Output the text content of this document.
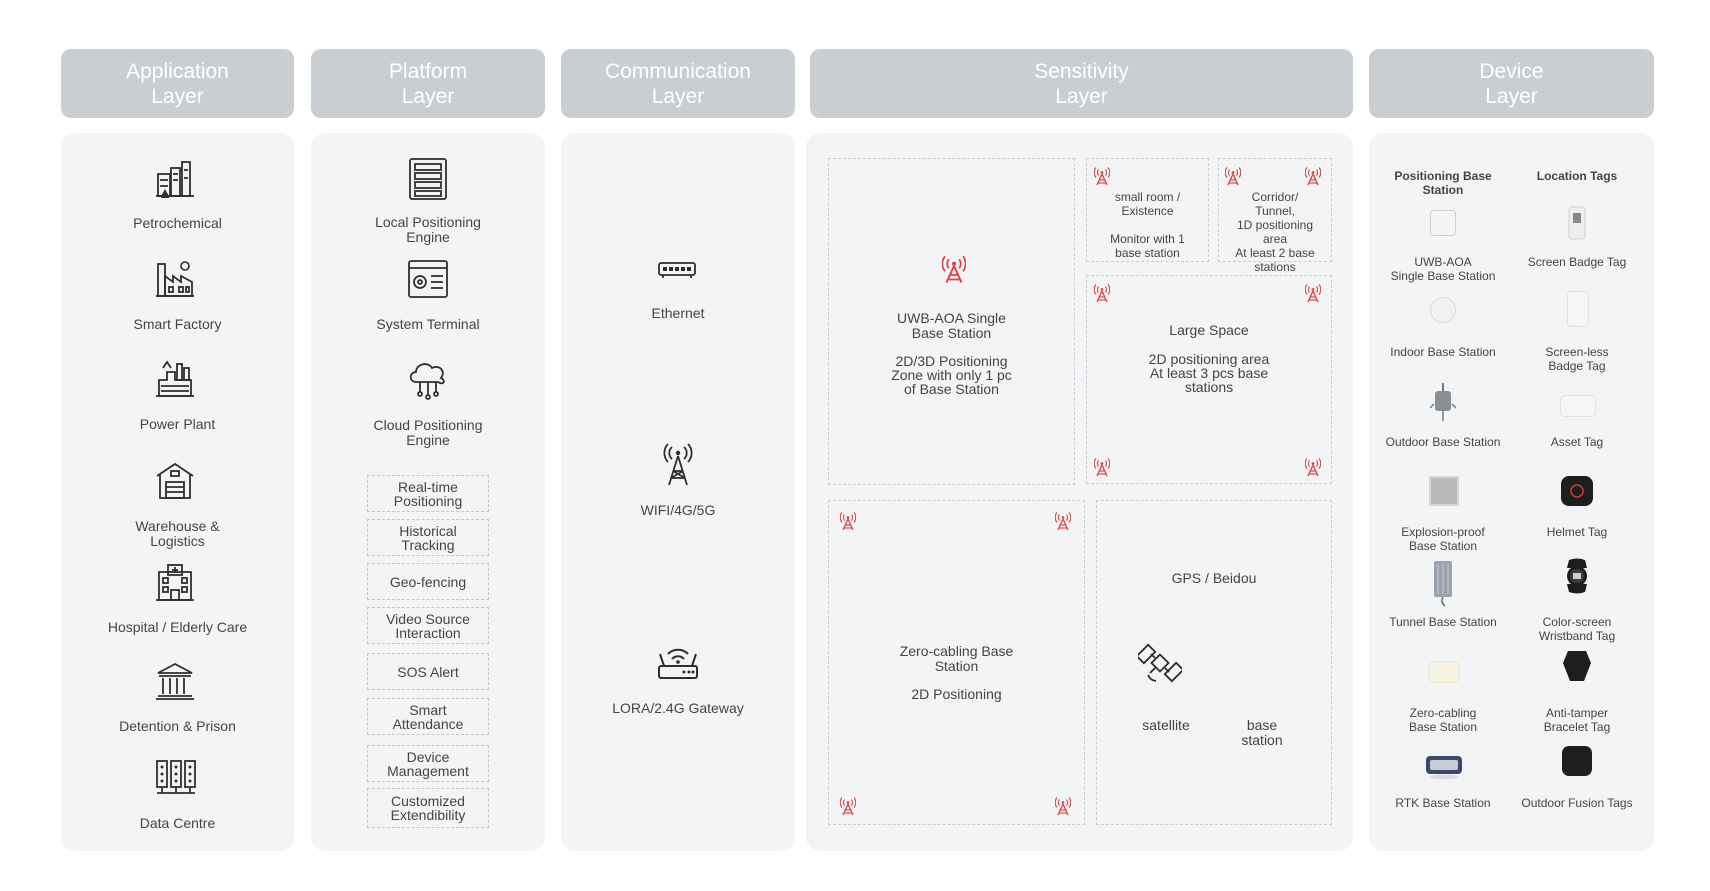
Application
Layer
Platform
Layer
Communication
Layer
Sensitivity
Layer
Device
Layer
Petrochemical
Smart Factory
Power Plant
Warehouse &
Logistics
Hospital / Elderly Care
Detention & Prison
Data Centre
Local Positioning
Engine
System Terminal
Cloud Positioning
Engine
Real-time
Positioning
Historical
Tracking
Geo-fencing
Video Source
Interaction
SOS Alert
Smart
Attendance
Device
Management
Customized
Extendibility
Ethernet
WIFI/4G/5G
LORA/2.4G Gateway
UWB-AOA Single
Base Station
2D/3D Positioning
Zone with only 1 pc
of Base Station
small room /
Existence

Monitor with 1
base station
Corridor/
Tunnel,
1D positioning
area
At least 2 base
stations
Large Space
2D positioning area
At least 3 pcs base
stations
Zero-cabling Base
Station
2D Positioning
GPS / Beidou
satellite	base
station
Positioning Base
Station
Location Tags
UWB-AOA
Single Base Station
Indoor Base Station
Outdoor Base Station
Explosion-proof
Base Station
Tunnel Base Station
Zero-cabling
Base Station
RTK Base Station
Screen Badge Tag
Screen-less
Badge Tag
Asset Tag
Helmet Tag
Color-screen
Wristband Tag
Anti-tamper
Bracelet Tag
Outdoor Fusion Tags
